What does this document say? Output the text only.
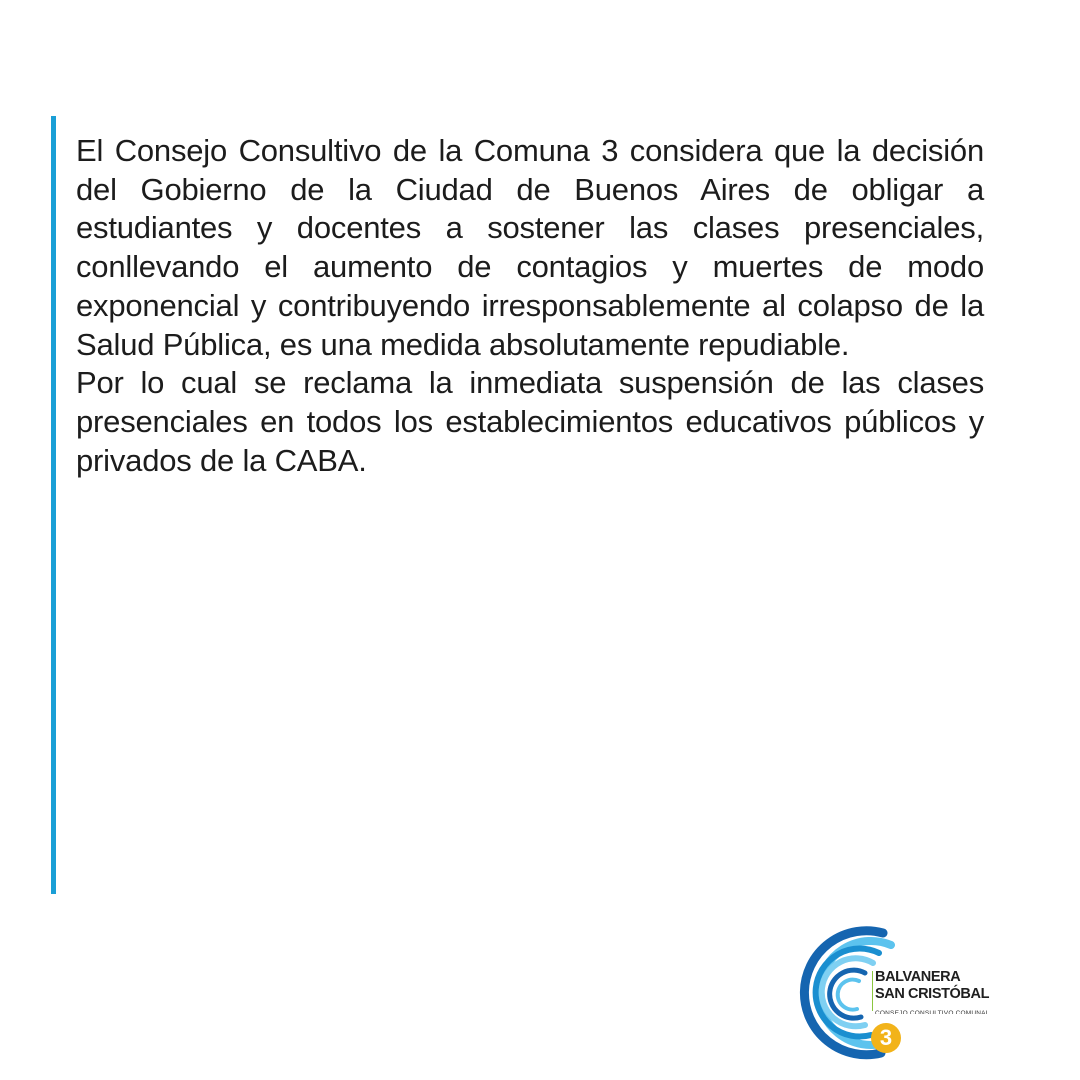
El Consejo Consultivo de la Comuna 3 considera que la decisión del Gobierno de la Ciudad de Buenos Aires de obligar a estudiantes y docentes a sostener las clases presenciales, conllevando el aumento de contagios y muertes de modo exponencial y contribuyendo irresponsablemente al colapso de la Salud Pública, es una medida absolutamente repudiable.

Por lo cual se reclama la inmediata suspensión de las clases presenciales en todos los establecimientos educativos públicos y privados de la CABA.

BALVANERA
SAN CRISTÓBAL
CONSEJO CONSULTIVO COMUNAL
3
